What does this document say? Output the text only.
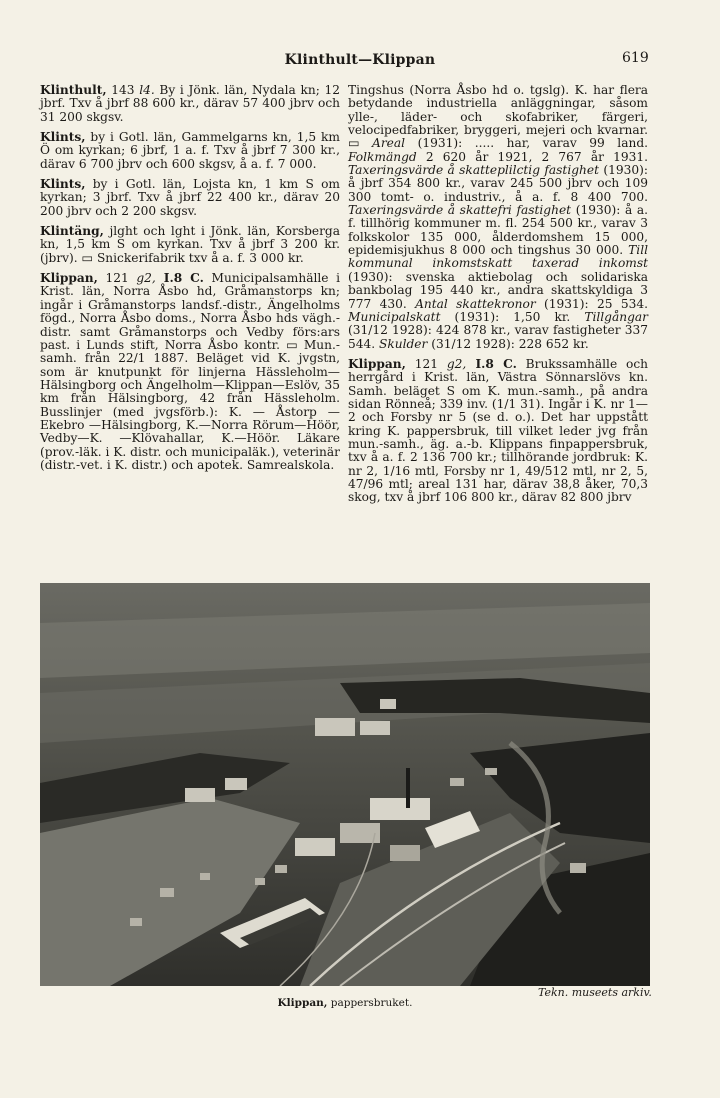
Klinthult—Klippan	619

Klinthult, 143 l4. By i Jönk. län, Nydala kn; 12 jbrf. Txv å jbrf 88 600 kr., därav 57 400 jbrv och 31 200 skgsv.

Klints, by i Gotl. län, Gammelgarns kn, 1,5 km Ö om kyrkan; 6 jbrf, 1 a. f. Txv å jbrf 7 300 kr., därav 6 700 jbrv och 600 skgsv, å a. f. 7 000.

Klints, by i Gotl. län, Lojsta kn, 1 km S om kyrkan; 3 jbrf. Txv å jbrf 22 400 kr., därav 20 200 jbrv och 2 200 skgsv.

Klintäng, jlght och lght i Jönk. län, Korsberga kn, 1,5 km S om kyrkan. Txv å jbrf 3 200 kr. (jbrv). ▭ Snickerifabrik txv å a. f. 3 000 kr.

Klippan, 121 g2, I.8 C. Municipalsamhälle i Krist. län, Norra Åsbo hd, Gråmanstorps kn; ingår i Gråmanstorps landsf.-distr., Ängelholms fögd., Norra Åsbo doms., Norra Åsbo hds vägh.-distr. samt Gråmanstorps och Vedby förs:ars past. i Lunds stift, Norra Åsbo kontr. ▭ Mun.-samh. från 22/1 1887. Beläget vid K. jvgstn, som är knutpunkt för linjerna Hässleholm—Hälsingborg och Ängelholm—Klippan—Eslöv, 35 km från Hälsingborg, 42 från Hässleholm. Busslinjer (med jvgsförb.): K. — Åstorp — Ekebro —Hälsingborg, K.—Norra Rörum—Höör, Vedby—K. —Klövahallar, K.—Höör. Läkare (prov.-läk. i K. distr. och municipaläk.), veterinär (distr.-vet. i K. distr.) och apotek. Samrealskola.

Tingshus (Norra Åsbo hd o. tgslg). K. har flera betydande industriella anläggningar, såsom ylle-, läder- och skofabriker, färgeri, velocipedfabriker, bryggeri, mejeri och kvarnar. ▭ Areal (1931): ..... har, varav 99 land. Folkmängd 2 620 år 1921, 2 767 år 1931. Taxeringsvärde å skatteplilctig fastighet (1930): å jbrf 354 800 kr., varav 245 500 jbrv och 109 300 tomt- o. industriv., å a. f. 8 400 700. Taxeringsvärde å skattefri fastighet (1930): å a. f. tillhörig kommuner m. fl. 254 500 kr., varav 3 folkskolor 135 000, ålderdomshem 15 000, epidemisjukhus 8 000 och tingshus 30 000. Till kommunal inkomstskatt taxerad inkomst (1930): svenska aktiebolag och solidariska bankbolag 195 440 kr., andra skattskyldiga 3 777 430. Antal skattekronor (1931): 25 534. Municipalskatt (1931): 1,50 kr. Tillgångar (31/12 1928): 424 878 kr., varav fastigheter 337 544. Skulder (31/12 1928): 228 652 kr.

Klippan, 121 g2, I.8 C. Brukssamhälle och herrgård i Krist. län, Västra Sönnarslövs kn. Samh. beläget S om K. mun.-samh., på andra sidan Rönneå; 339 inv. (1/1 31). Ingår i K. nr 1—2 och Forsby nr 5 (se d. o.). Det har uppstått kring K. pappersbruk, till vilket leder jvg från mun.-samh., äg. a.-b. Klippans finpappersbruk, txv å a. f. 2 136 700 kr.; tillhörande jordbruk: K. nr 2, 1/16 mtl, Forsby nr 1, 49/512 mtl, nr 2, 5, 47/96 mtl; areal 131 har, därav 38,8 åker, 70,3 skog, txv å jbrf 106 800 kr., därav 82 800 jbrv

Tekn. museets arkiv.
Klippan, pappersbruket.
